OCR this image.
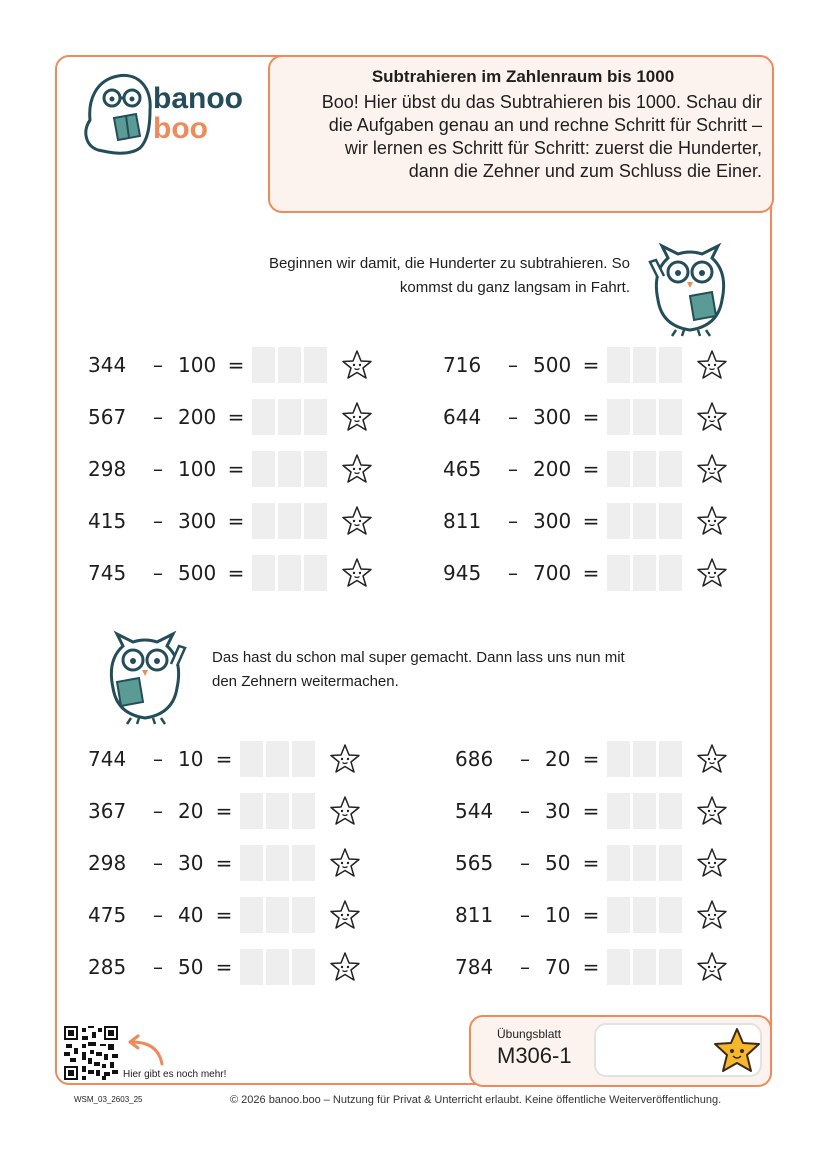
banoo
boo
Subtrahieren im Zahlenraum bis 1000
Boo! Hier übst du das Subtrahieren bis 1000. Schau dir
die Aufgaben genau an und rechne Schritt für Schritt –
wir lernen es Schritt für Schritt: zuerst die Hunderter,
dann die Zehner und zum Schluss die Einer.
Beginnen wir damit, die Hunderter zu subtrahieren. So
kommst du ganz langsam in Fahrt.
Das hast du schon mal super gemacht. Dann lass uns nun mit
den Zehnern weitermachen.
344	– 100 =
567	– 200 =
298	– 100 =
415	– 300 =
745	– 500 =
716	– 500 =
644	– 300 =
465	– 200 =
811	– 300 =
945	– 700 =
744	– 10 =
367	– 20 =
298	– 30 =
475	– 40 =
285	– 50 =
686	– 20 =
544	– 30 =
565	– 50 =
811	– 10 =
784	– 70 =
Hier gibt es noch mehr!
Übungsblatt
M306-1
WSM_03_2603_25	© 2026 banoo.boo – Nutzung für Privat & Unterricht erlaubt. Keine öffentliche Weiterveröffentlichung.
